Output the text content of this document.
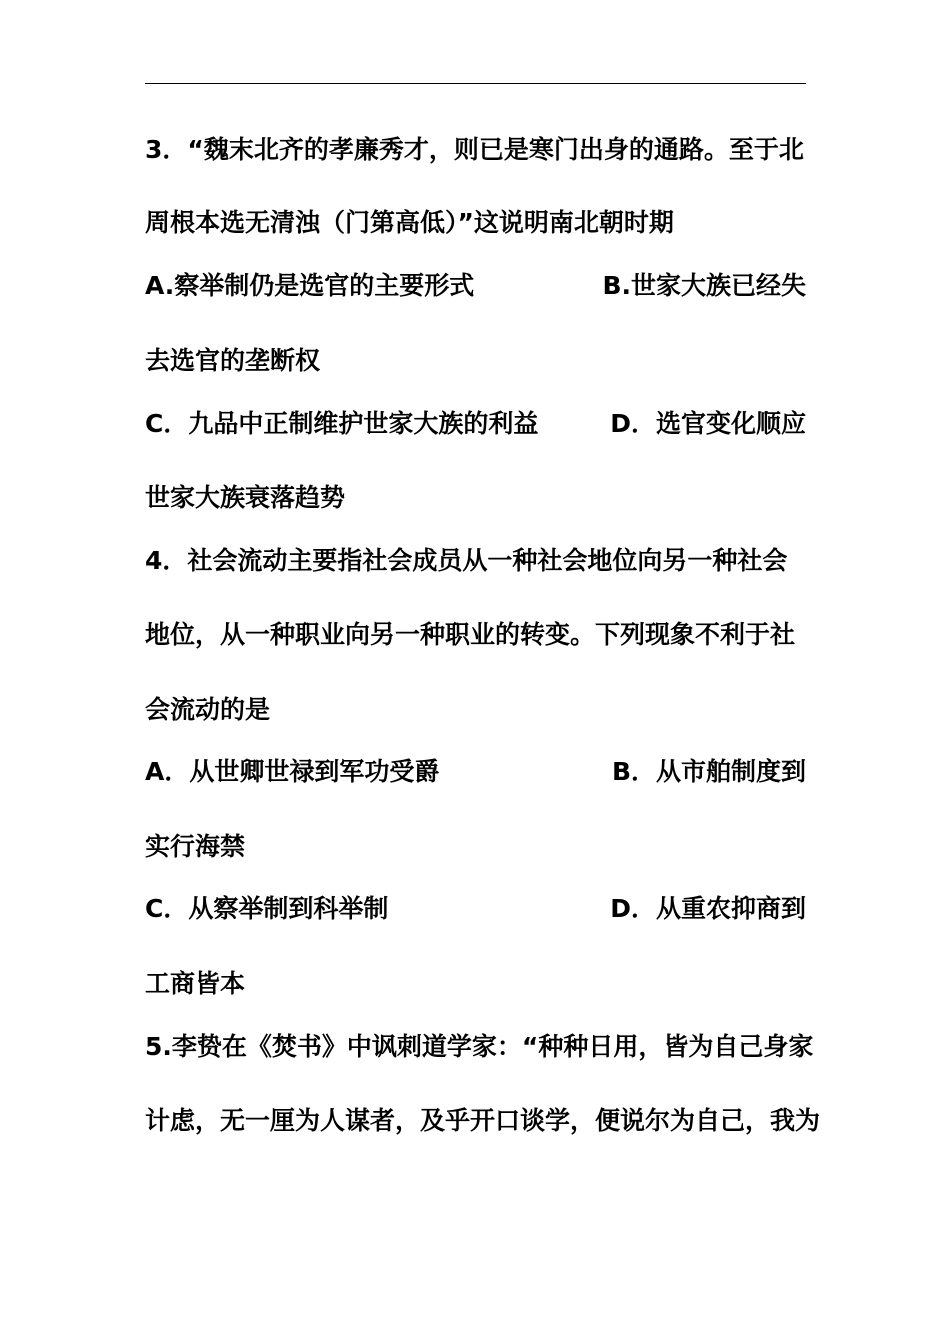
3．“魏末北齐的孝廉秀才，则已是寒门出身的通路。至于北
周根本选无清浊（门第高低）”这说明南北朝时期
A.察举制仍是选官的主要形式	B.世家大族已经失
去选官的垄断权
C．九品中正制维护世家大族的利益	D．选官变化顺应
世家大族衰落趋势
4．社会流动主要指社会成员从一种社会地位向另一种社会
地位，从一种职业向另一种职业的转变。下列现象不利于社
会流动的是
A．从世卿世禄到军功受爵	B．从市舶制度到
实行海禁
C．从察举制到科举制	D．从重农抑商到
工商皆本
5.李贽在《焚书》中讽刺道学家：“种种日用，皆为自己身家
计虑，无一厘为人谋者，及乎开口谈学，便说尔为自己，我为
